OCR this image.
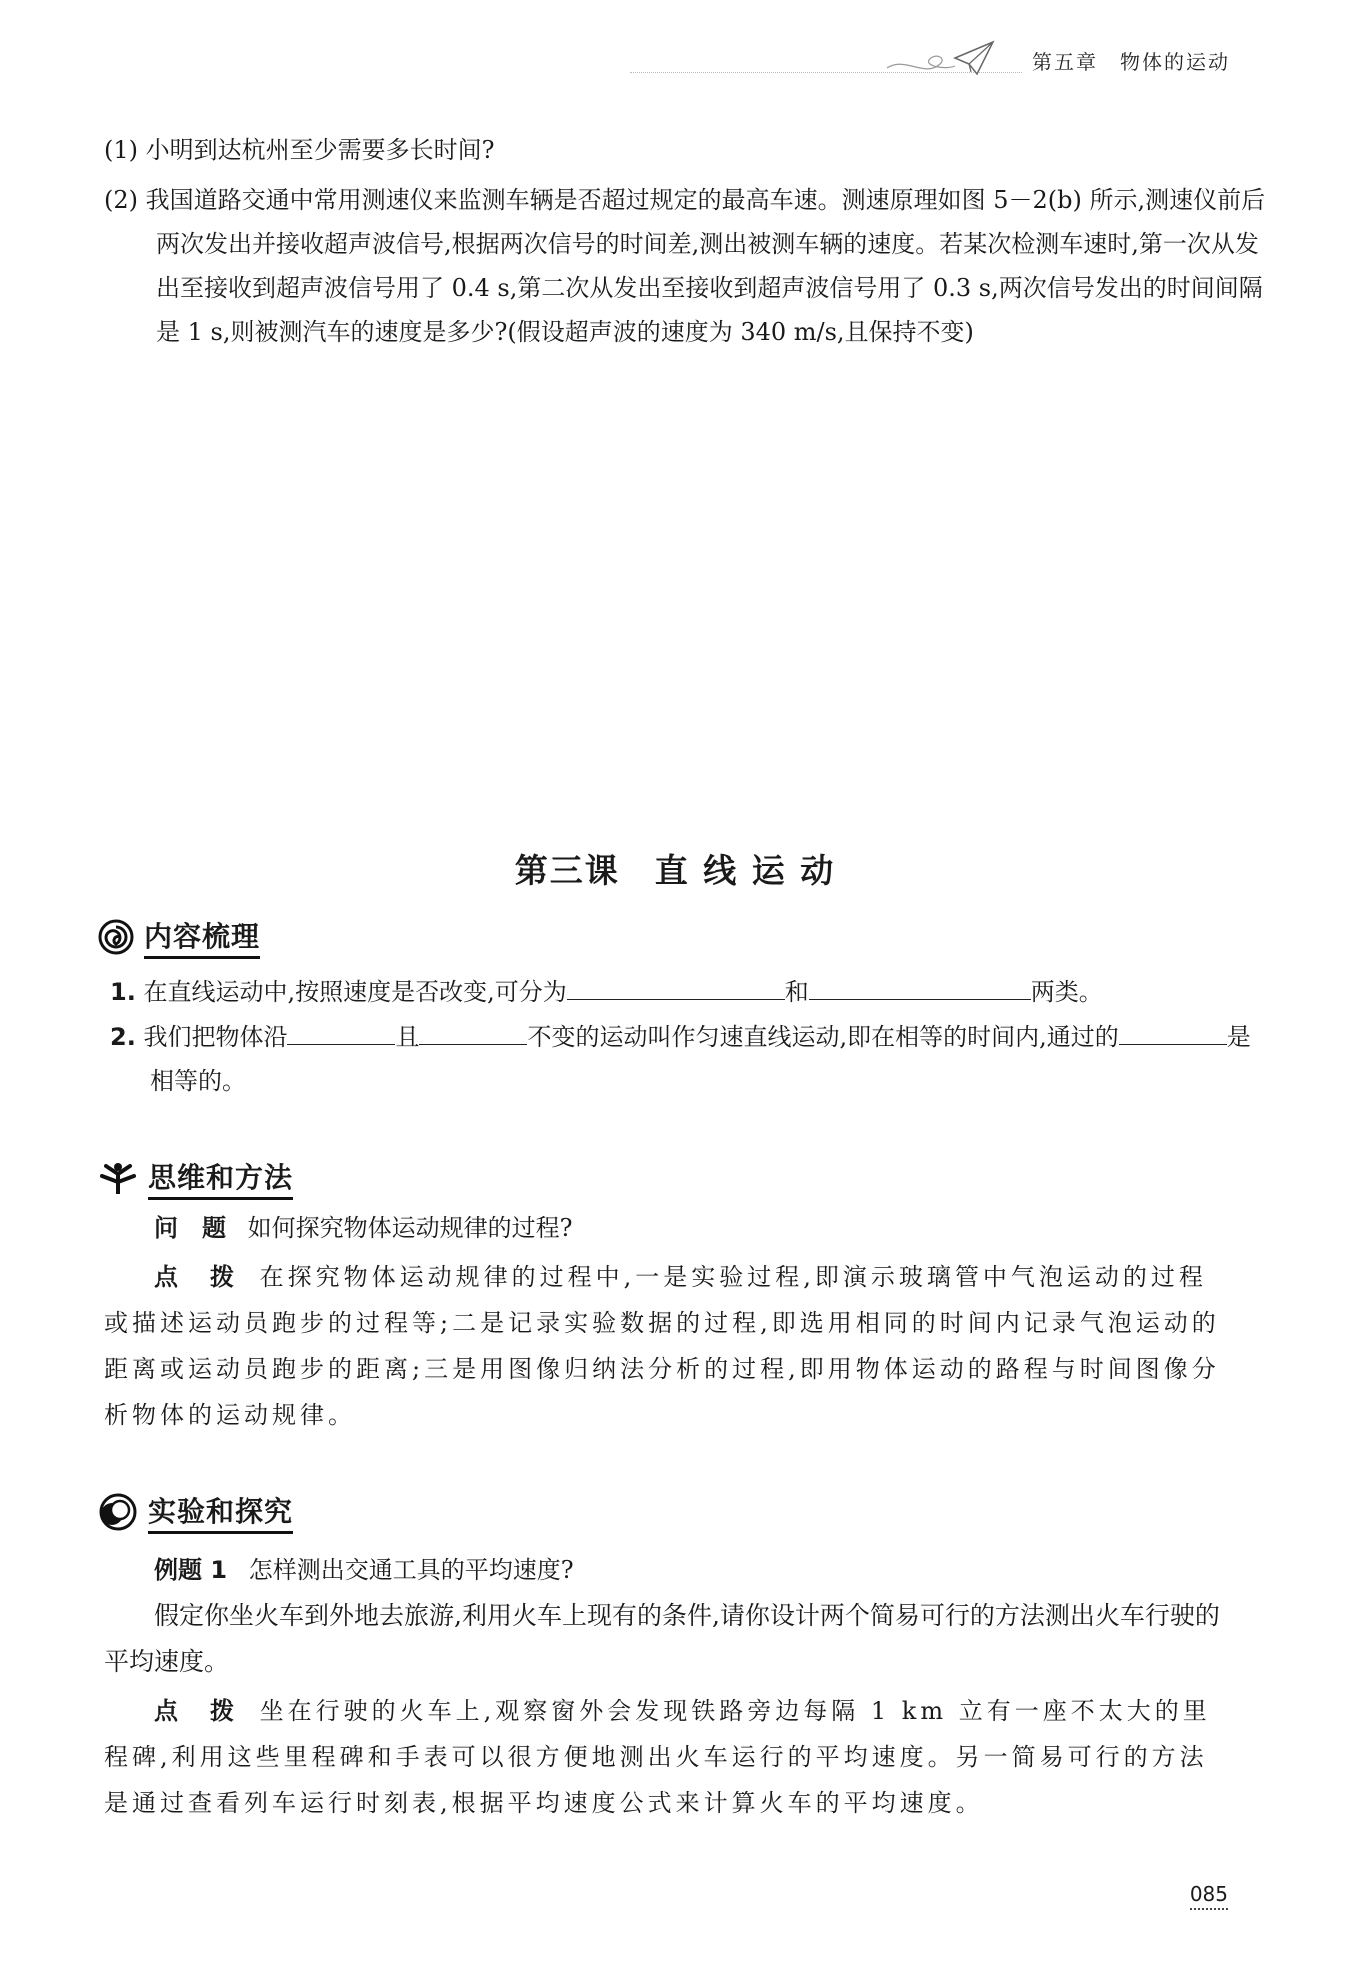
第五章　物体的运动
(1) 小明到达杭州至少需要多长时间?
(2) 我国道路交通中常用测速仪来监测车辆是否超过规定的最高车速。测速原理如图 5－2(b) 所示,测速仪前后两次发出并接收超声波信号,根据两次信号的时间差,测出被测车辆的速度。若某次检测车速时,第一次从发出至接收到超声波信号用了 0.4 s,第二次从发出至接收到超声波信号用了 0.3 s,两次信号发出的时间间隔是 1 s,则被测汽车的速度是多少?(假设超声波的速度为 340 m/s,且保持不变)
第三课　直 线 运 动
内容梳理
1. 在直线运动中,按照速度是否改变,可分为	和	两类。
2. 我们把物体沿	且	不变的运动叫作匀速直线运动,即在相等的时间内,通过的	是相等的。
思维和方法
问　题 如何探究物体运动规律的过程?
点　拨 在探究物体运动规律的过程中,一是实验过程,即演示玻璃管中气泡运动的过程或描述运动员跑步的过程等;二是记录实验数据的过程,即选用相同的时间内记录气泡运动的距离或运动员跑步的距离;三是用图像归纳法分析的过程,即用物体运动的路程与时间图像分析物体的运动规律。
实验和探究
例题 1 怎样测出交通工具的平均速度?
假定你坐火车到外地去旅游,利用火车上现有的条件,请你设计两个简易可行的方法测出火车行驶的平均速度。
点　拨 坐在行驶的火车上,观察窗外会发现铁路旁边每隔 1 km 立有一座不太大的里程碑,利用这些里程碑和手表可以很方便地测出火车运行的平均速度。另一简易可行的方法是通过查看列车运行时刻表,根据平均速度公式来计算火车的平均速度。
085
